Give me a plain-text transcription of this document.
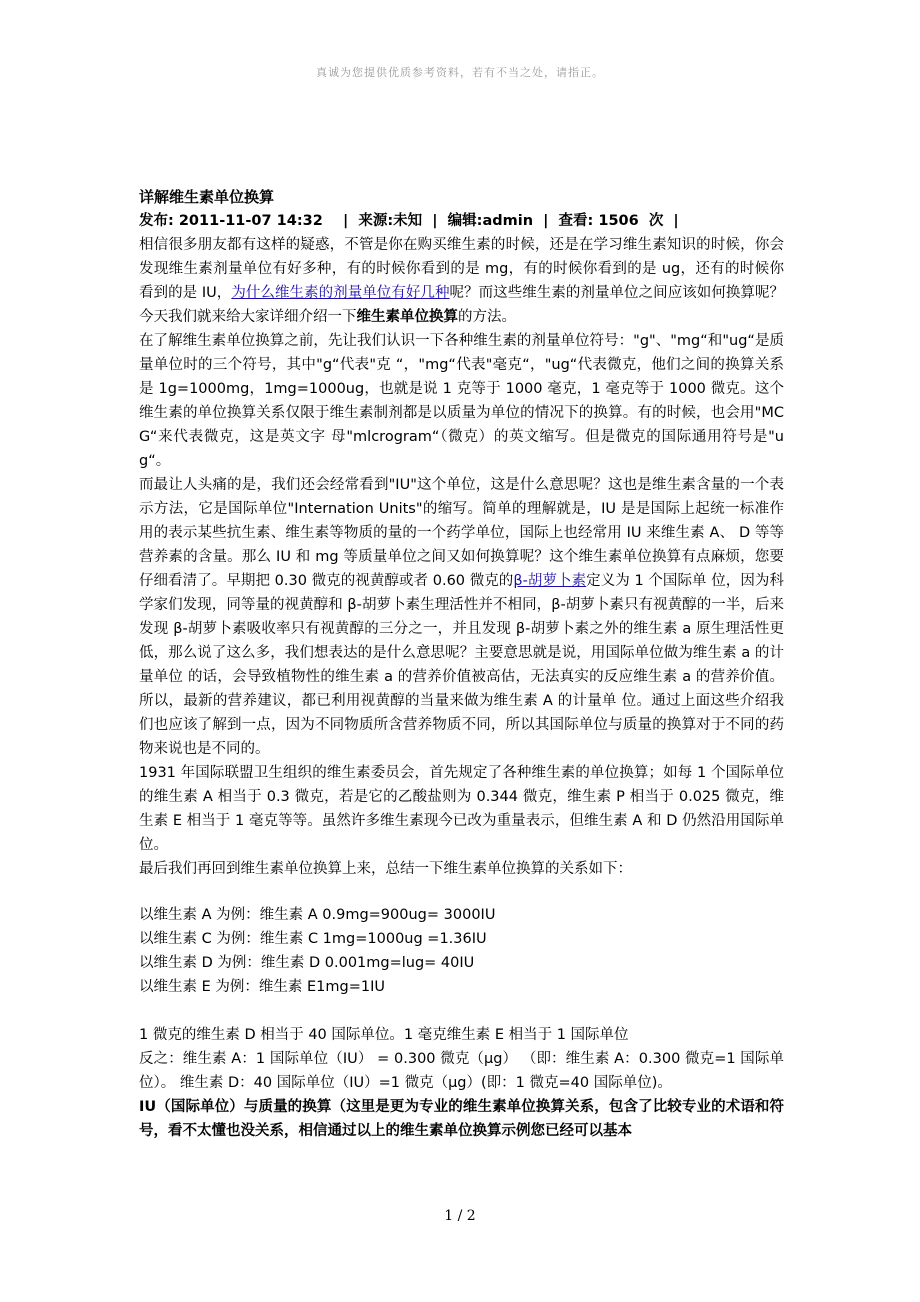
真诚为您提供优质参考资料，若有不当之处，请指正。

详解维生素单位换算

发布: 2011-11-07 14:32    |  来源:未知  |  编辑:admin  |  查看: 1506  次  |

相信很多朋友都有这样的疑惑，不管是你在购买维生素的时候，还是在学习维生素知识的时候，你会发现维生素剂量单位有好多种，有的时候你看到的是 mg，有的时候你看到的是 ug，还有的时候你看到的是 IU，为什么维生素的剂量单位有好几种呢？而这些维生素的剂量单位之间应该如何换算呢？今天我们就来给大家详细介绍一下维生素单位换算的方法。

在了解维生素单位换算之前，先让我们认识一下各种维生素的剂量单位符号："g"、"mg“和"ug“是质量单位时的三个符号，其中"g“代表"克 “，"mg“代表"毫克“，"ug“代表微克，他们之间的换算关系是 1g=1000mg，1mg=1000ug，也就是说 1 克等于 1000 毫克，1 毫克等于 1000 微克。这个维生素的单位换算关系仅限于维生素制剂都是以质量为单位的情况下的换算。有的时候，也会用"MCG“来代表微克，这是英文字 母"mlcrogram“（微克）的英文缩写。但是微克的国际通用符号是"ug“。

而最让人头痛的是，我们还会经常看到"IU"这个单位，这是什么意思呢？这也是维生素含量的一个表示方法，它是国际单位"Internation Units"的缩写。简单的理解就是，IU 是是国际上起统一标准作用的表示某些抗生素、维生素等物质的量的一个药学单位，国际上也经常用 IU 来维生素 A、 D 等等营养素的含量。那么 IU 和 mg 等质量单位之间又如何换算呢？这个维生素单位换算有点麻烦，您要仔细看清了。早期把 0.30 微克的视黄醇或者 0.60 微克的β-胡萝卜素定义为 1 个国际单 位，因为科学家们发现，同等量的视黄醇和 β-胡萝卜素生理活性并不相同，β-胡萝卜素只有视黄醇的一半，后来发现 β-胡萝卜素吸收率只有视黄醇的三分之一，并且发现 β-胡萝卜素之外的维生素 a 原生理活性更低，那么说了这么多，我们想表达的是什么意思呢？主要意思就是说，用国际单位做为维生素 a 的计量单位 的话，会导致植物性的维生素 a 的营养价值被高估，无法真实的反应维生素 a 的营养价值。所以，最新的营养建议，都已利用视黄醇的当量来做为维生素 A 的计量单 位。通过上面这些介绍我们也应该了解到一点，因为不同物质所含营养物质不同，所以其国际单位与质量的换算对于不同的药物来说也是不同的。

1931 年国际联盟卫生组织的维生素委员会，首先规定了各种维生素的单位换算；如每 1 个国际单位的维生素 A 相当于 0.3 微克，若是它的乙酸盐则为 0.344 微克，维生素 P 相当于 0.025 微克，维生素 E 相当于 1 毫克等等。虽然许多维生素现今已改为重量表示，但维生素 A 和 D 仍然沿用国际单位。

最后我们再回到维生素单位换算上来，总结一下维生素单位换算的关系如下：

以维生素 A 为例：维生素 A 0.9mg=900ug= 3000IU

以维生素 C 为例：维生素 C 1mg=1000ug =1.36IU

以维生素 D 为例：维生素 D 0.001mg=lug= 40IU

以维生素 E 为例：维生素 E1mg=1IU

1 微克的维生素 D 相当于 40 国际单位。1 毫克维生素 E 相当于 1 国际单位

反之：维生素 A：1 国际单位（IU） = 0.300 微克（μg） （即：维生素 A：0.300 微克=1 国际单位）。 维生素 D：40 国际单位（IU）=1 微克（μg）(即：1 微克=40 国际单位)。

IU（国际单位）与质量的换算（这里是更为专业的维生素单位换算关系，包含了比较专业的术语和符号，看不太懂也没关系，相信通过以上的维生素单位换算示例您已经可以基本

1 / 2
